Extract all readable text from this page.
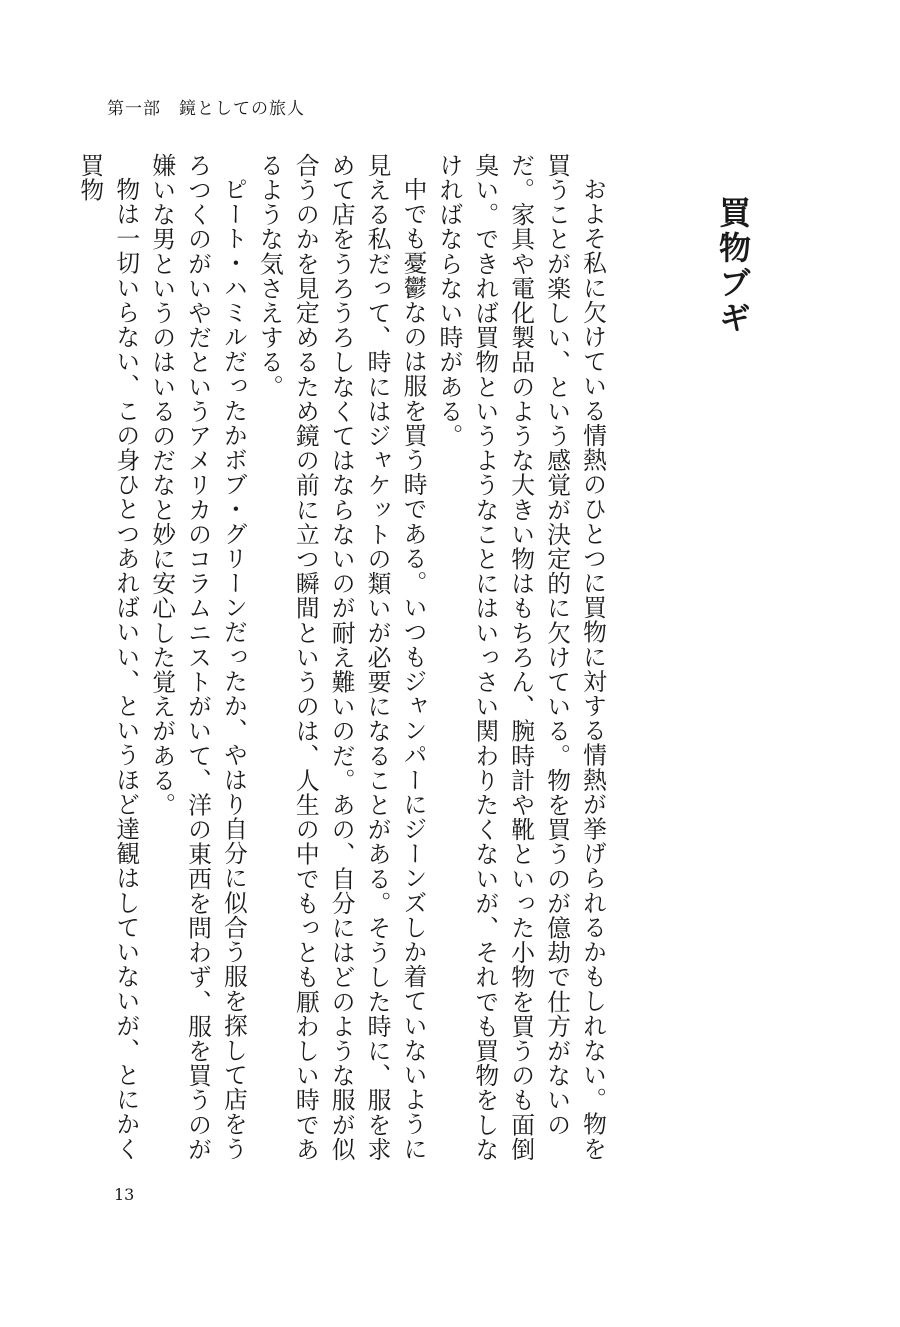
第一部 鏡としての旅人
買物ブギ

およそ私に欠けている情熱のひとつに買物に対する情熱が挙げられるかもしれない。物を買うことが楽しい、という感覚が決定的に欠けている。物を買うのが億劫で仕方がないのだ。家具や電化製品のような大きい物はもちろん、腕時計や靴といった小物を買うのも面倒臭い。できれば買物というようなことにはいっさい関わりたくないが、それでも買物をしなければならない時がある。

中でも憂鬱なのは服を買う時である。いつもジャンパーにジーンズしか着ていないように見える私だって、時にはジャケットの類いが必要になることがある。そうした時に、服を求めて店をうろうろしなくてはならないのが耐え難いのだ。あの、自分にはどのような服が似合うのかを見定めるため鏡の前に立つ瞬間というのは、人生の中でもっとも厭わしい時であるような気さえする。

ピート・ハミルだったかボブ・グリーンだったか、やはり自分に似合う服を探して店をうろつくのがいやだというアメリカのコラムニストがいて、洋の東西を問わず、服を買うのが嫌いな男というのはいるのだなと妙に安心した覚えがある。

物は一切いらない、この身ひとつあればいい、というほど達観はしていないが、とにかく買物

13
